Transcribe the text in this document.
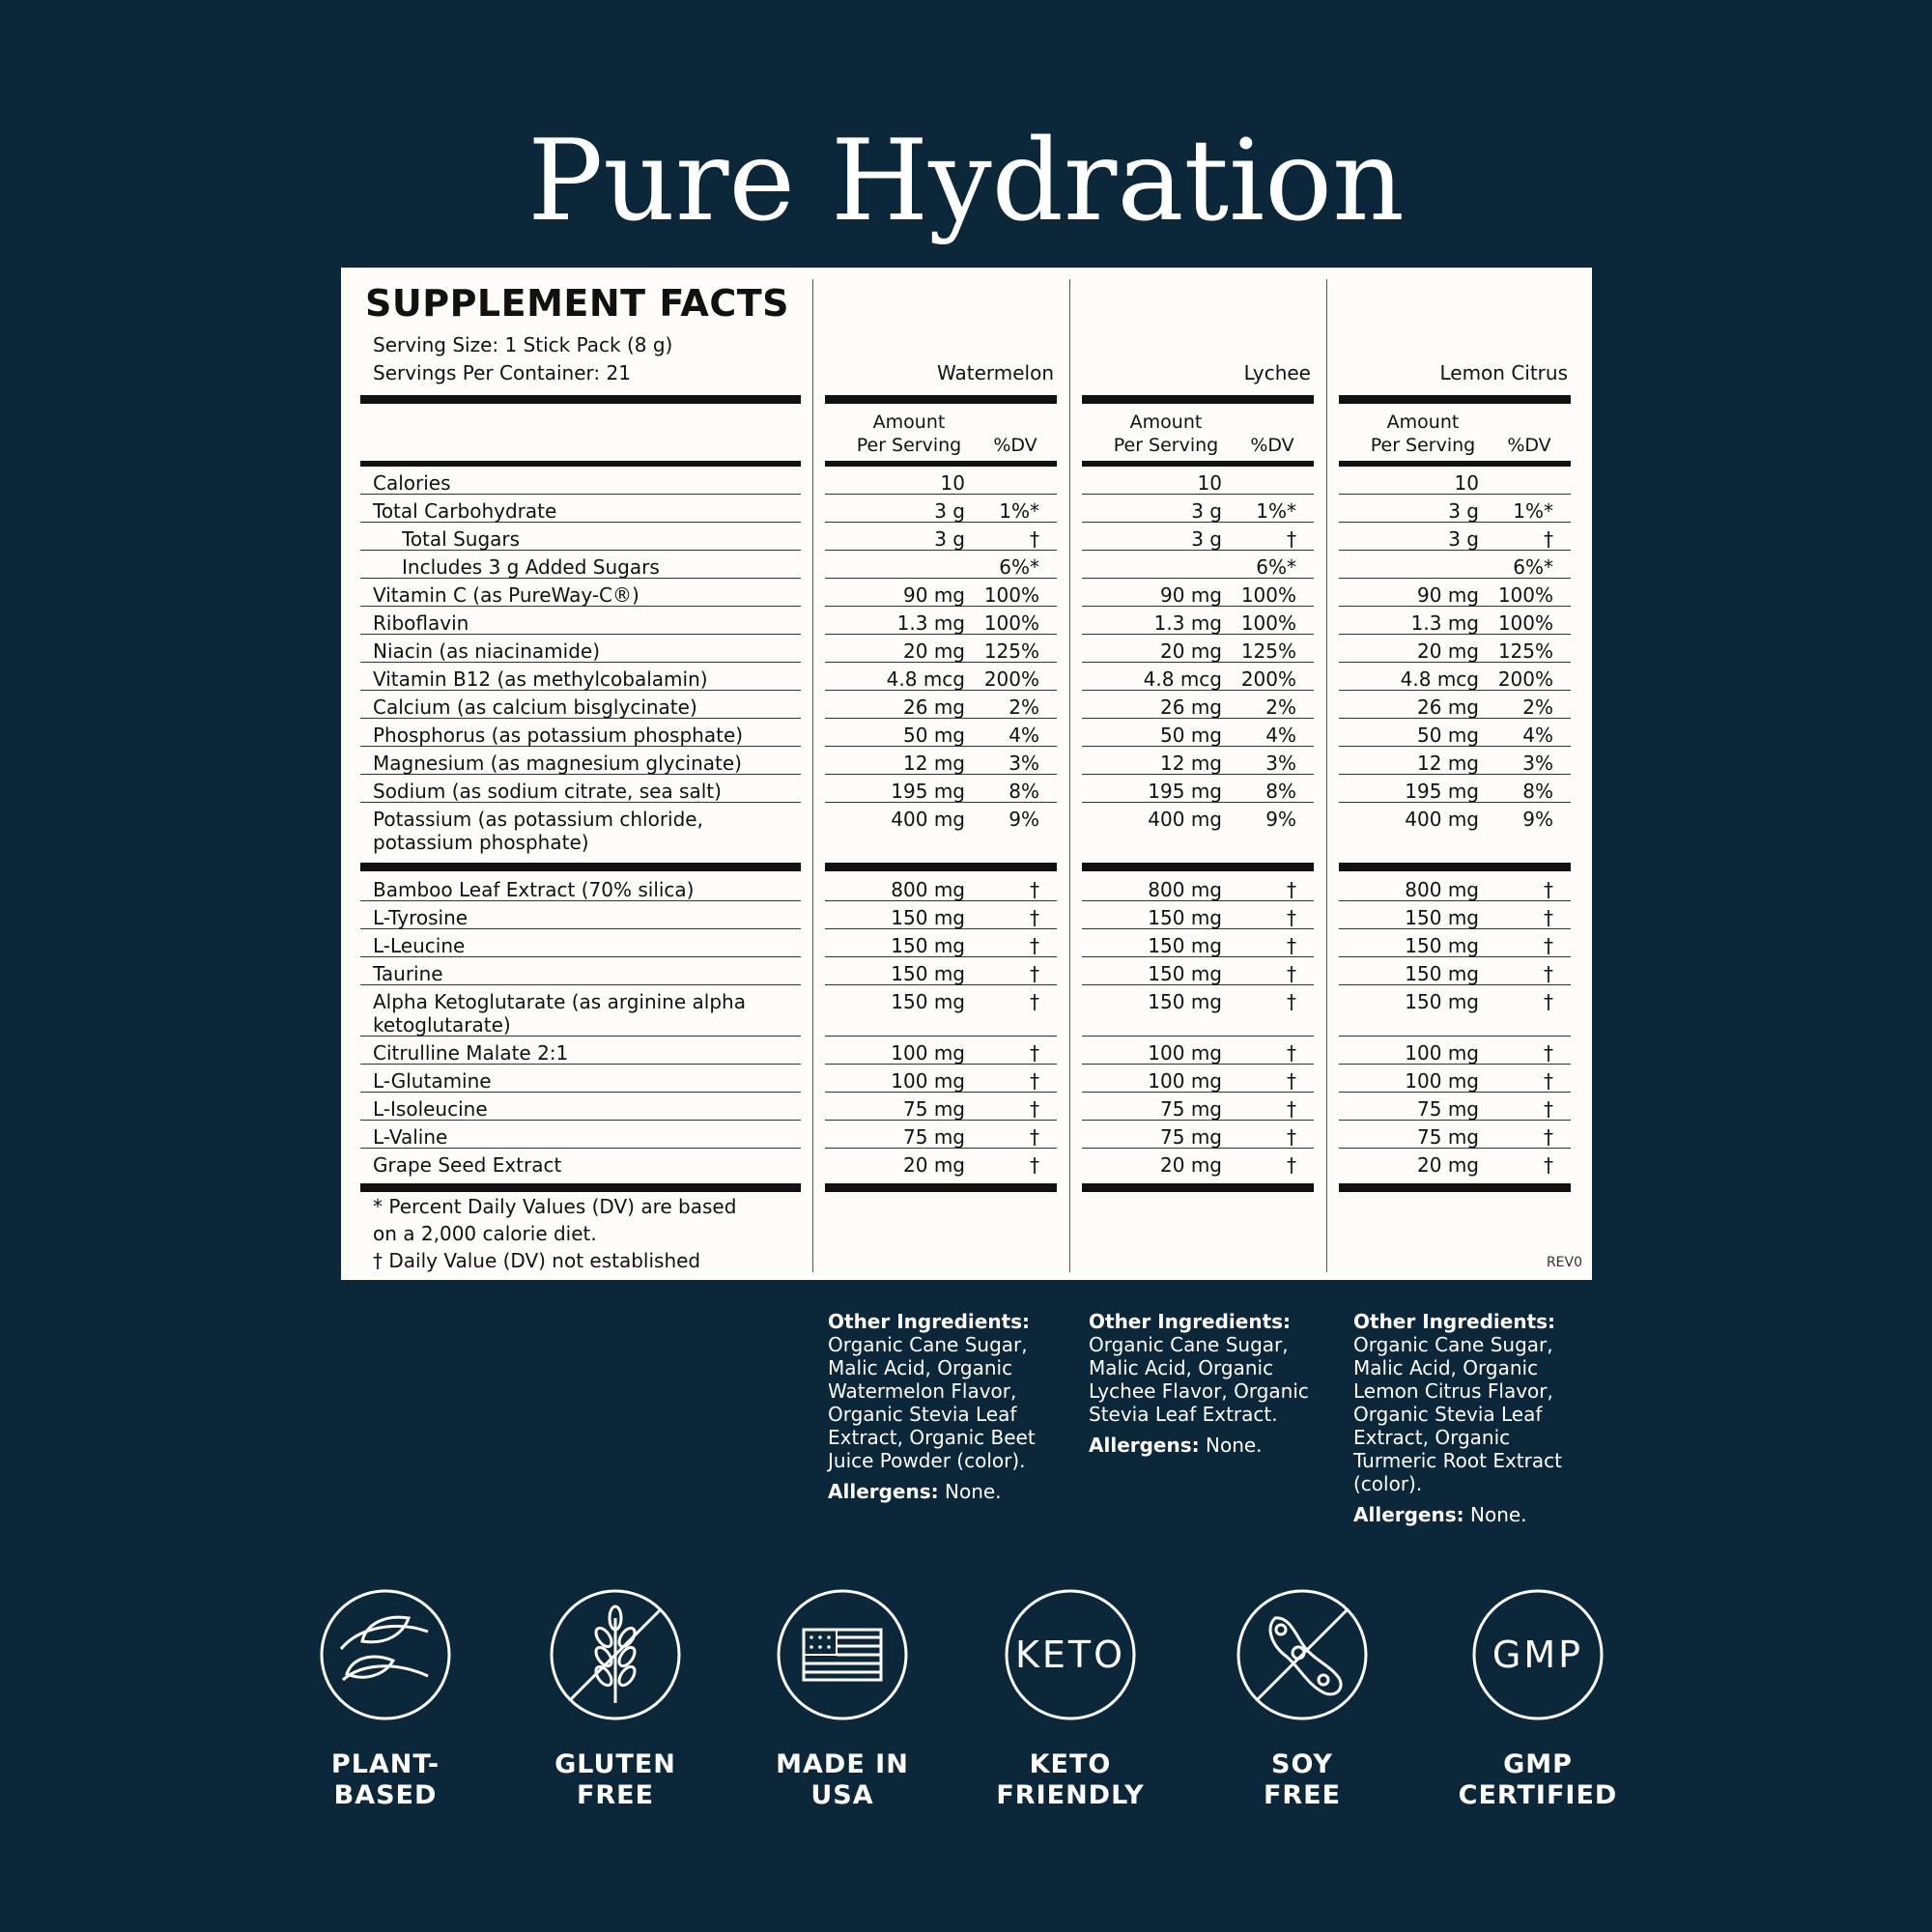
Pure Hydration
SUPPLEMENT FACTS
Serving Size: 1 Stick Pack (8 g)
Servings Per Container: 21	Watermelon	Lychee	Lemon Citrus
Amount
Per Serving	%DV
Amount
Per Serving	%DV
Amount
Per Serving	%DV
Calories	10	10	10
Total Carbohydrate	3 g 1%*	3 g 1%*	3 g 1%*
Total Sugars	3 g	†	3 g	†	3 g	†
Includes 3 g Added Sugars	6%*	6%*	6%*
Vitamin C (as PureWay-C®)	90 mg 100%	90 mg 100%	90 mg 100%
Riboflavin	1.3 mg 100%	1.3 mg 100%	1.3 mg 100%
Niacin (as niacinamide)	20 mg 125%	20 mg 125%	20 mg 125%
Vitamin B12 (as methylcobalamin)	4.8 mcg 200%	4.8 mcg 200%	4.8 mcg 200%
Calcium (as calcium bisglycinate)	26 mg 2%	26 mg 2%	26 mg 2%
Phosphorus (as potassium phosphate)	50 mg 4%	50 mg 4%	50 mg 4%
Magnesium (as magnesium glycinate)	12 mg 3%	12 mg 3%	12 mg 3%
Sodium (as sodium citrate, sea salt)	195 mg 8%	195 mg 8%	195 mg 8%
Potassium (as potassium chloride, potassium phosphate)
400 mg 9%	400 mg 9%	400 mg 9%
Bamboo Leaf Extract (70% silica)	800 mg	†	800 mg	†	800 mg	†
L-Tyrosine	150 mg	†	150 mg	†	150 mg	†
L-Leucine	150 mg	†	150 mg	†	150 mg	†
Taurine	150 mg	†	150 mg	†	150 mg	†
Alpha Ketoglutarate (as arginine alpha ketoglutarate)
150 mg	†	150 mg	†	150 mg	†
Citrulline Malate 2:1	100 mg	†	100 mg	†	100 mg	†
L-Glutamine	100 mg	†	100 mg	†	100 mg	†
L-Isoleucine	75 mg	†	75 mg	†	75 mg	†
L-Valine	75 mg	†	75 mg	†	75 mg	†
Grape Seed Extract	20 mg	†	20 mg	†	20 mg	†
* Percent Daily Values (DV) are based
on a 2,000 calorie diet.
† Daily Value (DV) not established	REV0

Other Ingredients:
Organic Cane Sugar, Malic Acid, Organic Watermelon Flavor, Organic Stevia Leaf Extract, Organic Beet Juice Powder (color).

Allergens: None.

Other Ingredients:
Organic Cane Sugar, Malic Acid, Organic Lychee Flavor, Organic Stevia Leaf Extract.

Allergens: None.

Other Ingredients:
Organic Cane Sugar, Malic Acid, Organic Lemon Citrus Flavor, Organic Stevia Leaf Extract, Organic Turmeric Root Extract (color).

Allergens: None.

PLANT-
BASED
GLUTEN
FREE
MADE IN
USA
KETO
KETO
FRIENDLY
SOY
FREE
GMP
GMP
CERTIFIED
